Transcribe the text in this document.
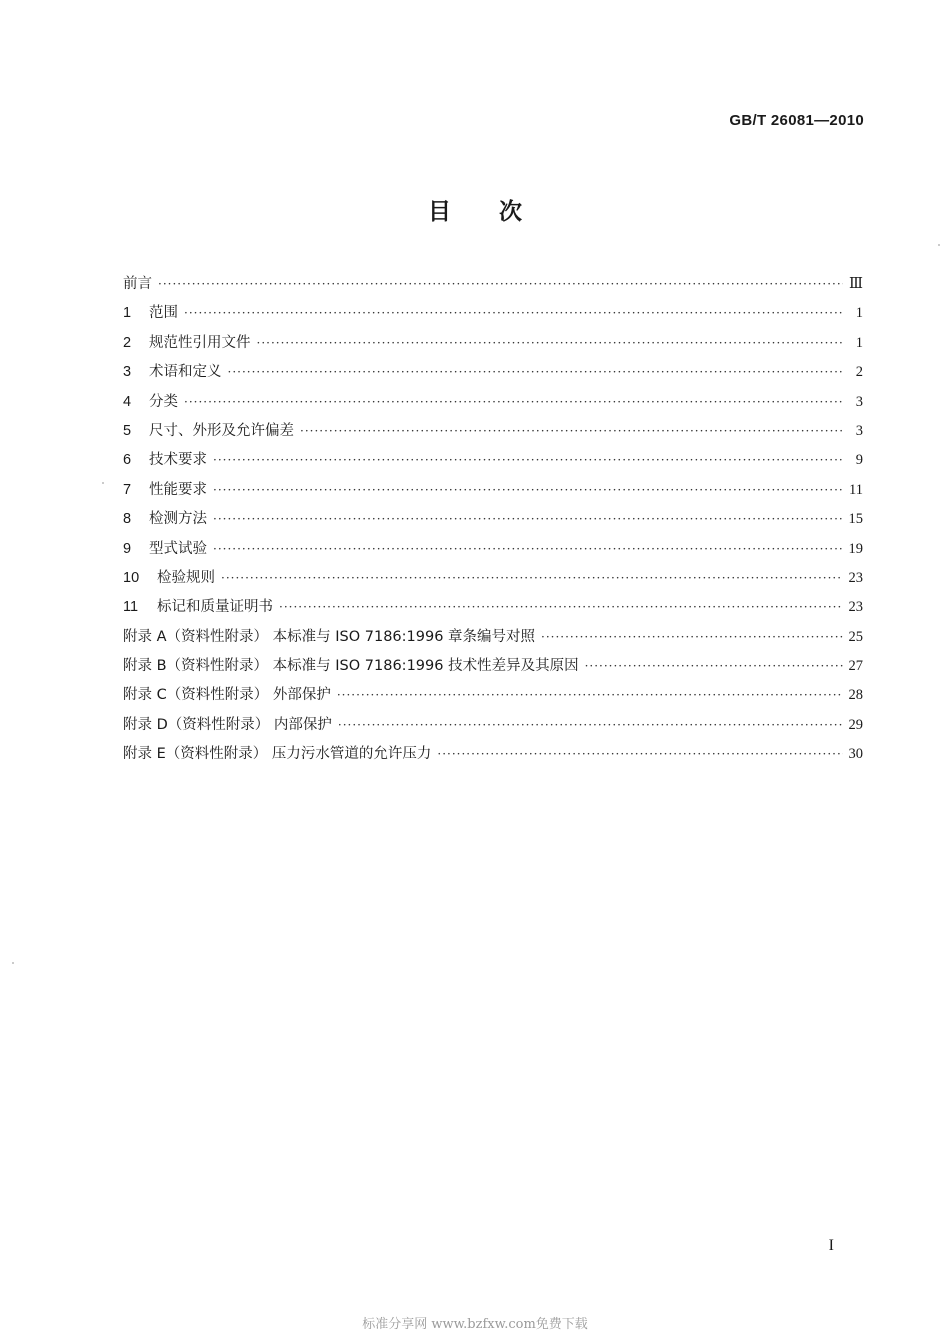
GB/T 26081—2010
目次
前言 ·····	Ⅲ
1	范围 ·····	1
2	规范性引用文件 ·····	1
3	术语和定义 ·····	2
4	分类 ·····	3
5	尺寸、外形及允许偏差 ·····	3
6	技术要求 ·····	9
7	性能要求 ·····	11
8	检测方法 ·····	15
9	型式试验 ·····	19
10	检验规则 ·····	23
11	标记和质量证明书 ·····	23
附录 A（资料性附录） 本标准与 ISO 7186:1996 章条编号对照 ·····	25
附录 B（资料性附录） 本标准与 ISO 7186:1996 技术性差异及其原因 ·····	27
附录 C（资料性附录） 外部保护 ·····	28
附录 D（资料性附录） 内部保护 ·····	29
附录 E（资料性附录） 压力污水管道的允许压力 ·····	30
I
标准分享网 www.bzfxw.com免费下载
